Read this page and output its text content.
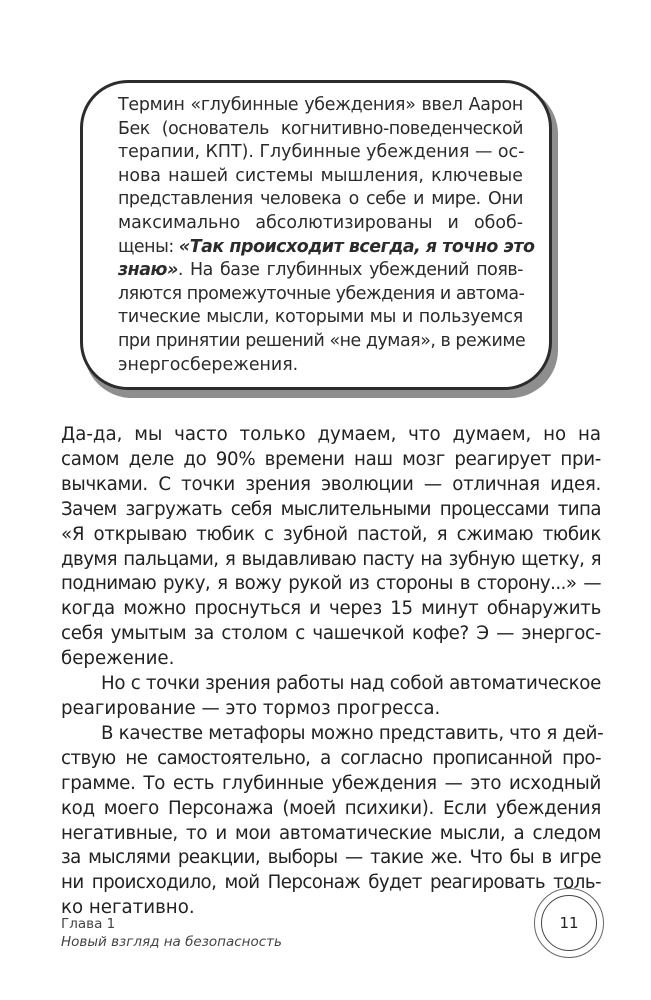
Термин «глубинные убеждения» ввел Аарон
Бек (основатель когнитивно-поведенческой
терапии, КПТ). Глубинные убеждения — ос-
нова нашей системы мышления, ключевые
представления человека о себе и мире. Они
максимально абсолютизированы и обоб-
щены: «Так происходит всегда, я точно это
знаю». На базе глубинных убеждений появ-
ляются промежуточные убеждения и автома-
тические мысли, которыми мы и пользуемся
при принятии решений «не думая», в режиме
энергосбережения.
Да-да, мы часто только думаем, что думаем, но на
самом деле до 90% времени наш мозг реагирует при-
вычками. С точки зрения эволюции — отличная идея.
Зачем загружать себя мыслительными процессами типа
«Я открываю тюбик с зубной пастой, я сжимаю тюбик
двумя пальцами, я выдавливаю пасту на зубную щетку, я
поднимаю руку, я вожу рукой из стороны в сторону...» —
когда можно проснуться и через 15 минут обнаружить
себя умытым за столом с чашечкой кофе? Э — энергос-
бережение.
Но с точки зрения работы над собой автоматическое
реагирование — это тормоз прогресса.
В качестве метафоры можно представить, что я дей-
ствую не самостоятельно, а согласно прописанной про-
грамме. То есть глубинные убеждения — это исходный
код моего Персонажа (моей психики). Если убеждения
негативные, то и мои автоматические мысли, а следом
за мыслями реакции, выборы — такие же. Что бы в игре
ни происходило, мой Персонаж будет реагировать толь-
ко негативно.
Глава 1
Новый взгляд на безопасность
11
